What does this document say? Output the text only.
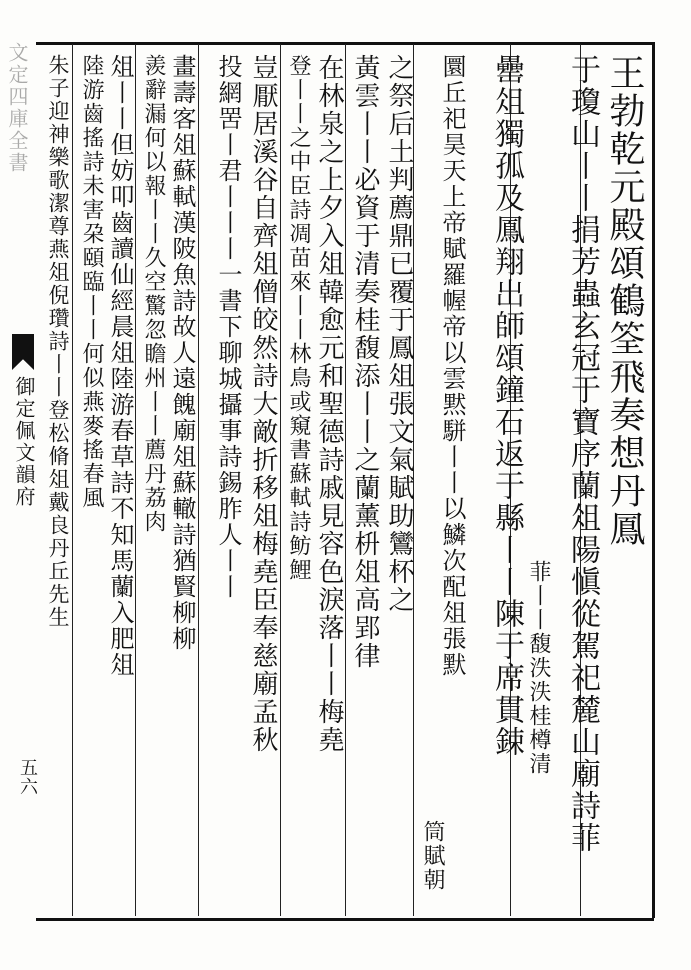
文定四庫全書
御定佩文韻府
五六
王勃乾元殿頌鶴筌飛奏想丹鳳
于瓊山丨丨捐芳蟲玄冠于寶序蘭俎陽愼從駕祀麓山廟詩菲
菲丨丨馥泆泆桂樽清
罍俎獨孤及鳳翔出師頌鐘石返于縣丨丨陳于席貫鋉
圜丘祀昊天上帝賦羅幄帝以雲黙駢丨丨以鱗次配俎張默
之祭后土判薦鼎已覆于鳳俎張文氣賦助鸞杯之
黃雲丨丨必資于清奏桂馥添丨丨之蘭薰枡俎高郢律
筒賦朝
在林泉之上夕入俎韓愈元和聖德詩戚見容色淚落丨丨梅堯
登丨丨之中臣詩凋苗來丨丨林鳥或窺書蘇軾詩鲂鯉
豈厭居溪谷自齊俎僧皎然詩大敵折移俎梅堯臣奉慈廟孟秋
投網罟丨君丨丨丨一書下聊城攝事詩錫胙人丨丨
畫壽客俎蘇軾漢陂魚詩故人遠餽廟俎蘇轍詩猶賢柳柳
羨辭漏何以報丨丨久空驚忽瞻州丨丨薦丹荔肉
俎丨丨但妨叩齒讀仙經晨俎陸游春草詩不知馬蘭入肥俎
陸游齒搖詩未害朶頤臨丨丨何似燕麥搖春風
朱子迎神樂歌潔尊燕俎倪瓚詩丨丨登松脩俎戴良丹丘先生
